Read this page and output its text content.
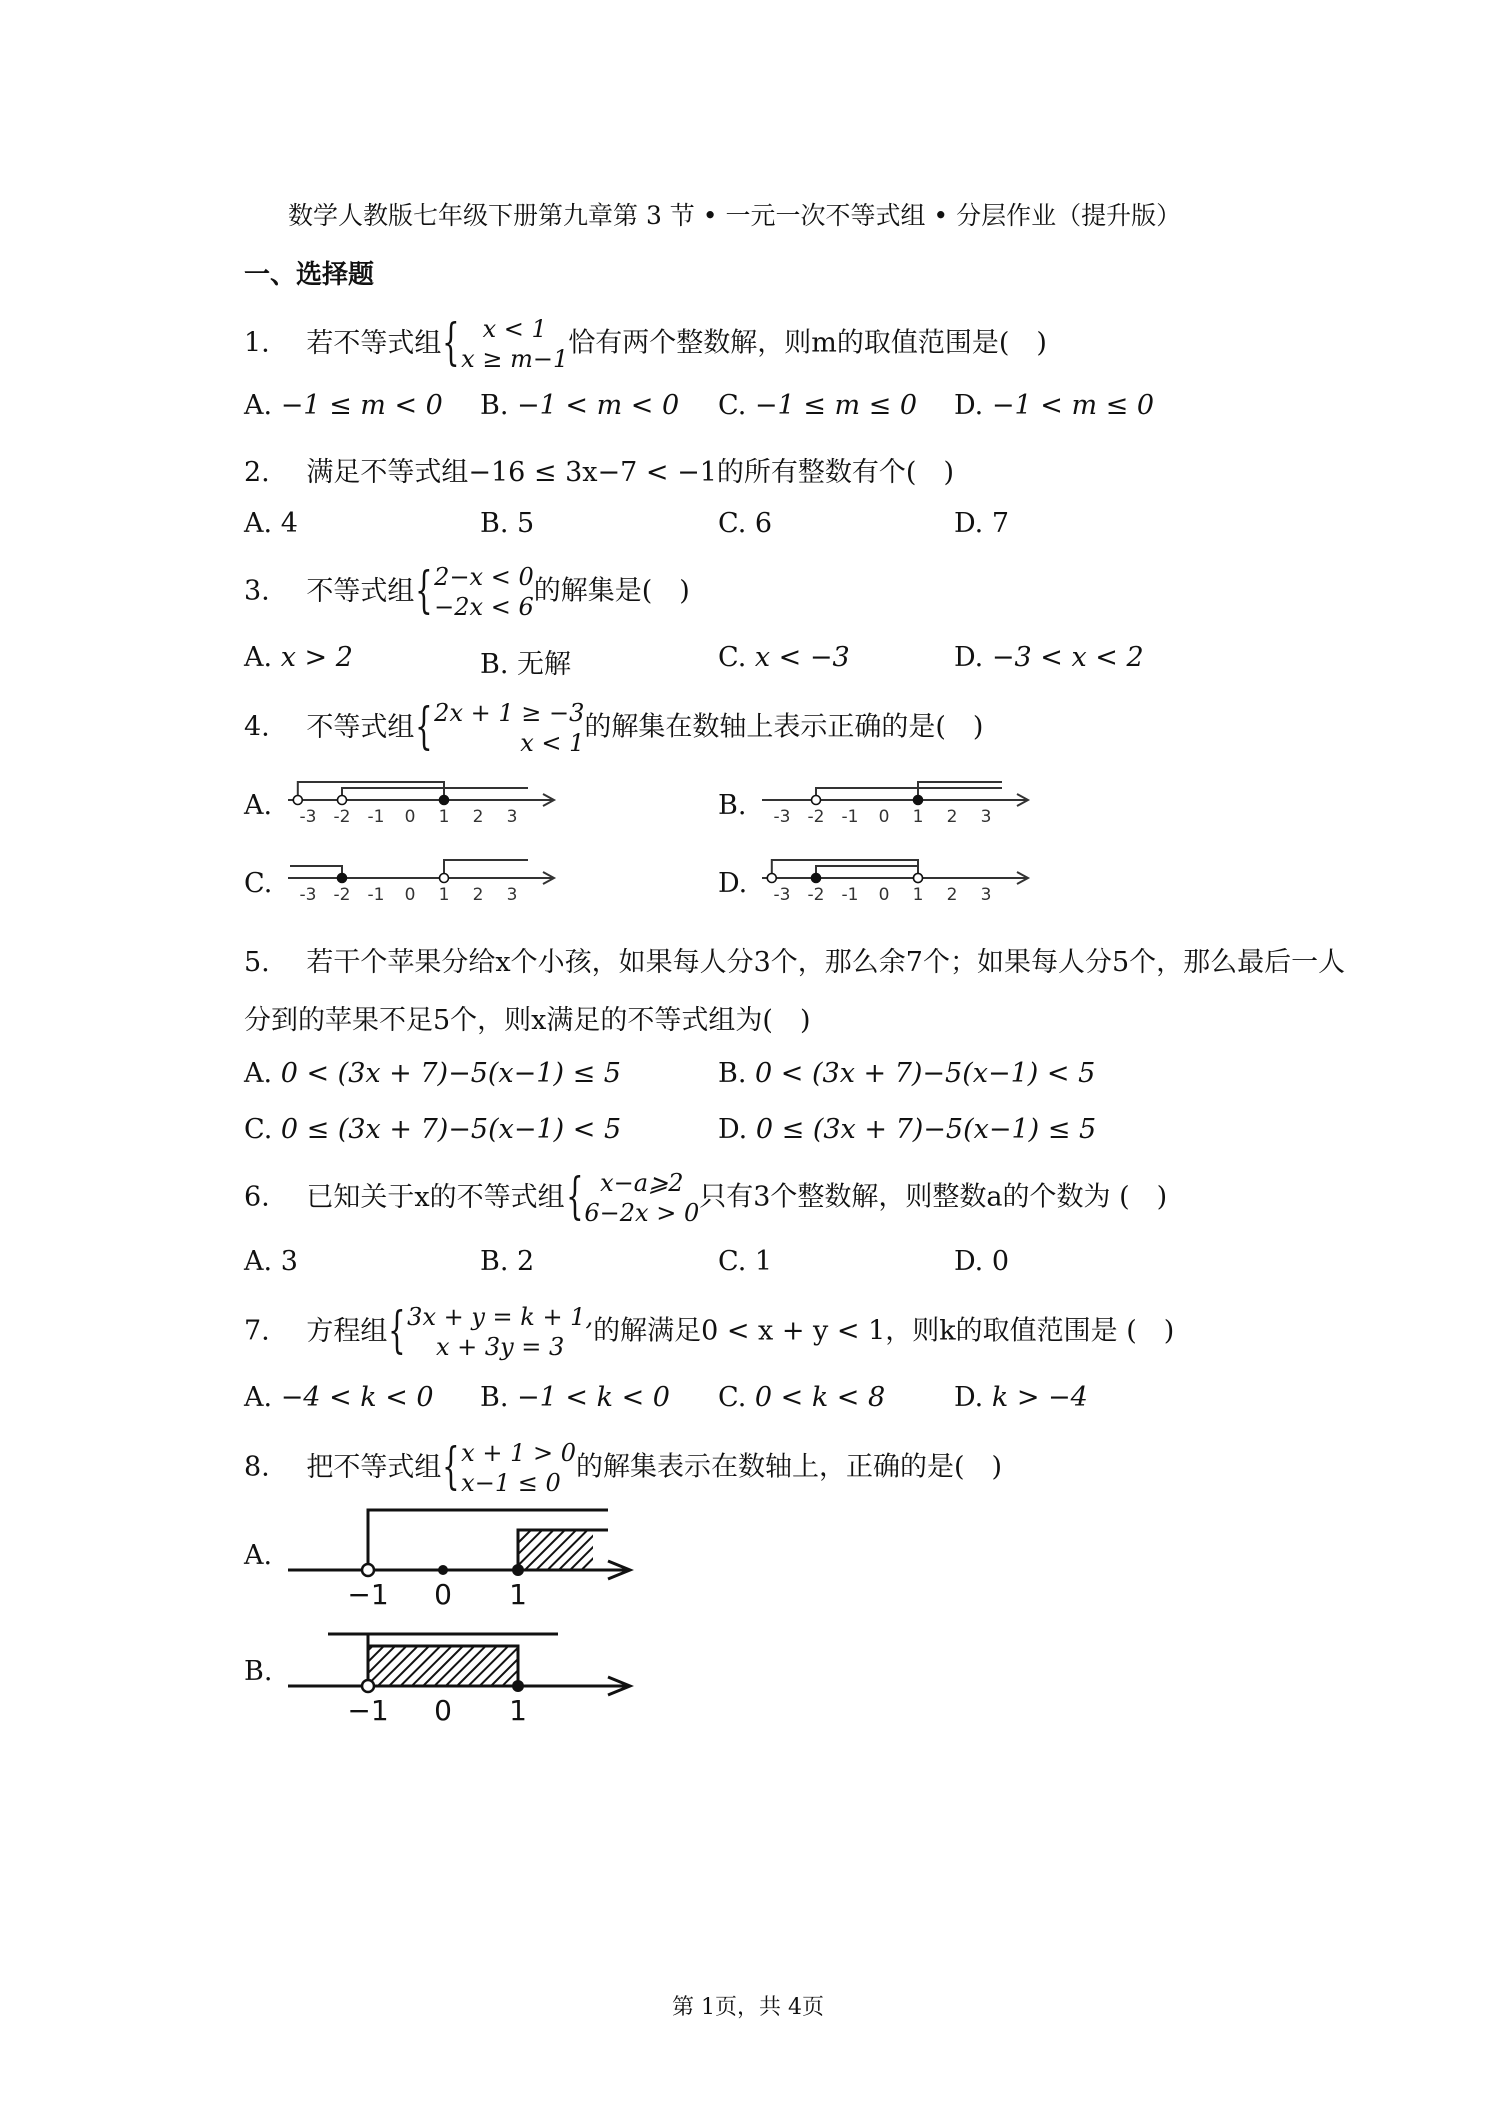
数学人教版七年级下册第九章第 3 节 • 一元一次不等式组 • 分层作业（提升版）
一、选择题
1. 若不等式组 { x < 1
x ≥ m−1
恰有两个整数解，则m的取值范围是(　)
A. −1 ≤ m < 0 B. −1 < m < 0 C. −1 ≤ m ≤ 0 D. −1 < m ≤ 0
2. 满足不等式组−16 ≤ 3x−7 < −1的所有整数有个(　)
A. 4	B. 5	C. 6	D. 7
3. 不等式组 { 2−x < 0
−2x < 6
的解集是(　)
A. x > 2	B. 无解	C. x < −3	D. −3 < x < 2
4. 不等式组 { 2x + 1 ≥ −3
x < 1
的解集在数轴上表示正确的是(　)
A.	B.
C.	D.
-3 -2 -1 0 1 2 3	-3 -2 -1 0 1 2 3
-3 -2 -1 0 1 2 3	-3 -2 -1 0 1 2 3
5. 若干个苹果分给x个小孩，如果每人分3个，那么余7个；如果每人分5个，那么最后一人
分到的苹果不足5个，则x满足的不等式组为(　)
A. 0 < (3x + 7)−5(x−1) ≤ 5	B. 0 < (3x + 7)−5(x−1) < 5
C. 0 ≤ (3x + 7)−5(x−1) < 5	D. 0 ≤ (3x + 7)−5(x−1) ≤ 5
6. 已知关于x的不等式组 { x−a⩾2
6−2x > 0
只有3个整数解，则整数a的个数为 (　)
A. 3	B. 2	C. 1	D. 0
7. 方程组 { 3x + y = k + 1,
x + 3y = 3
的解满足0 < x + y < 1，则k的取值范围是 (　)
A. −4 < k < 0 B. −1 < k < 0 C. 0 < k < 8	D. k > −4
8. 把不等式组 { x + 1 > 0
x−1 ≤ 0
的解集表示在数轴上，正确的是(　)
A.
B.
−1 0 1
−1 0 1
第 1页，共 4页
